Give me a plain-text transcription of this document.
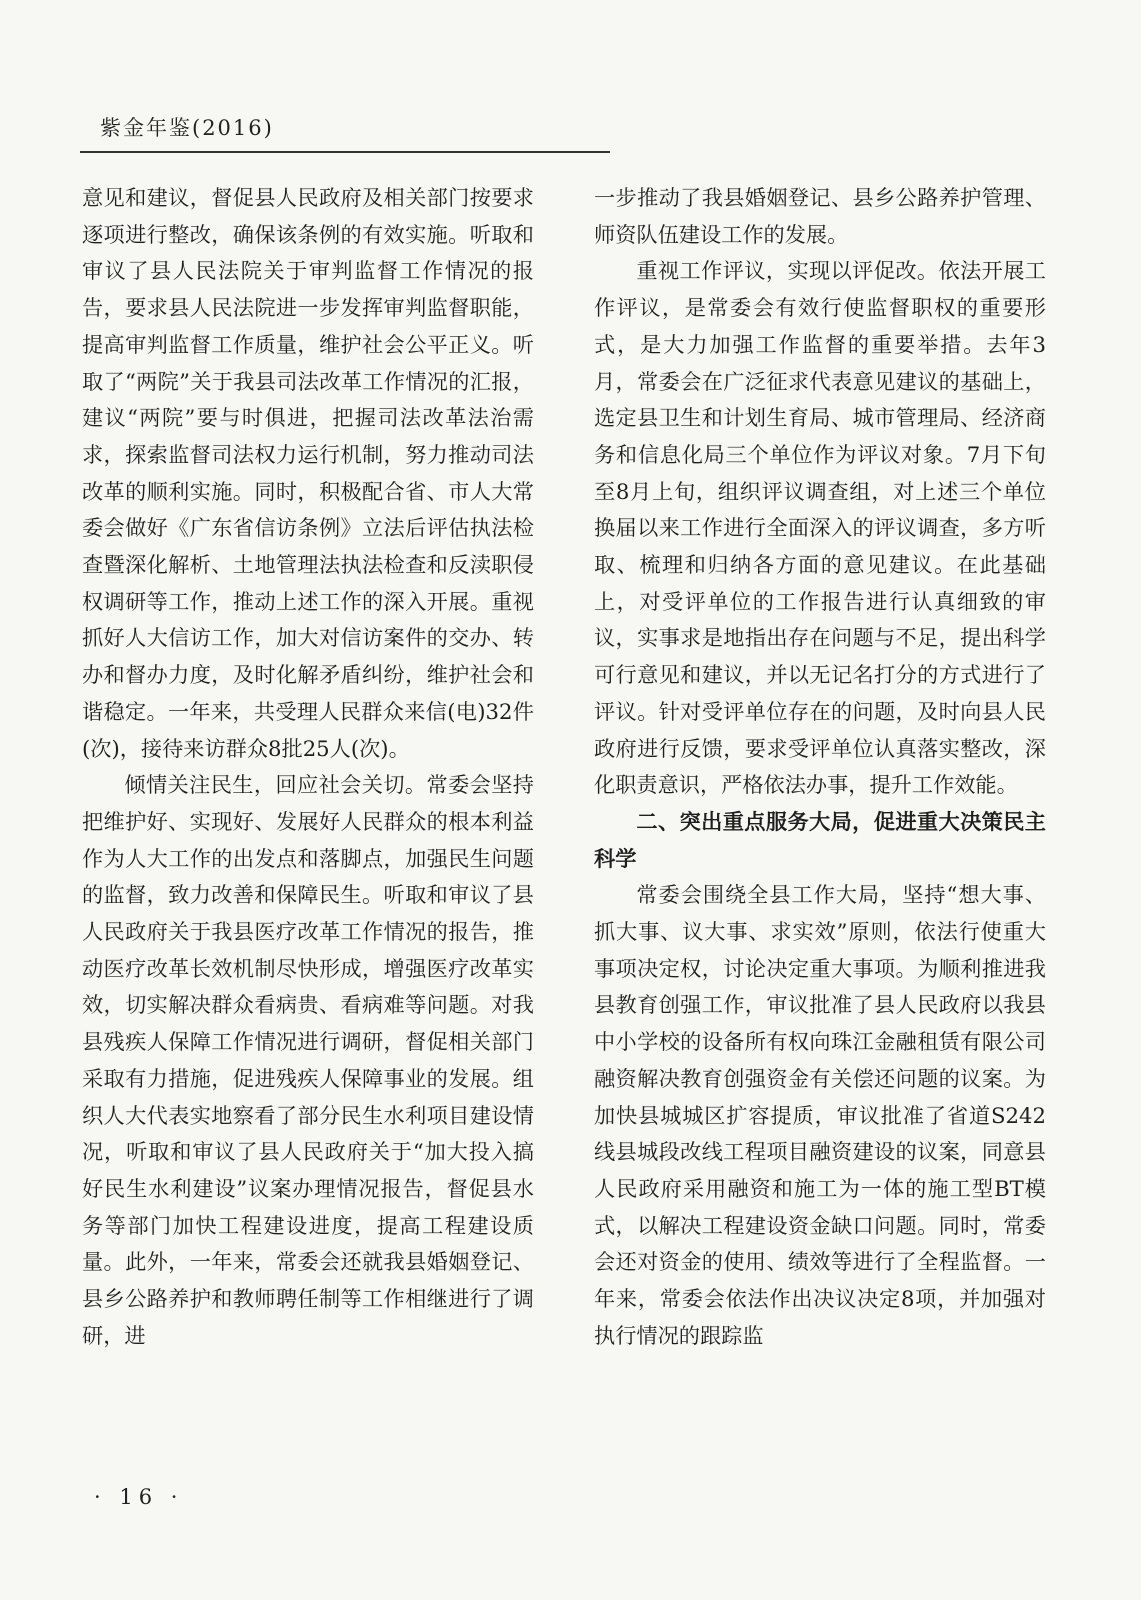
紫金年鉴(2016)

意见和建议，督促县人民政府及相关部门按要求逐项进行整改，确保该条例的有效实施。听取和审议了县人民法院关于审判监督工作情况的报告，要求县人民法院进一步发挥审判监督职能，提高审判监督工作质量，维护社会公平正义。听取了“两院”关于我县司法改革工作情况的汇报，建议“两院”要与时俱进，把握司法改革法治需求，探索监督司法权力运行机制，努力推动司法改革的顺利实施。同时，积极配合省、市人大常委会做好《广东省信访条例》立法后评估执法检查暨深化解析、土地管理法执法检查和反渎职侵权调研等工作，推动上述工作的深入开展。重视抓好人大信访工作，加大对信访案件的交办、转办和督办力度，及时化解矛盾纠纷，维护社会和谐稳定。一年来，共受理人民群众来信(电)32件(次)，接待来访群众8批25人(次)。

倾情关注民生，回应社会关切。常委会坚持把维护好、实现好、发展好人民群众的根本利益作为人大工作的出发点和落脚点，加强民生问题的监督，致力改善和保障民生。听取和审议了县人民政府关于我县医疗改革工作情况的报告，推动医疗改革长效机制尽快形成，增强医疗改革实效，切实解决群众看病贵、看病难等问题。对我县残疾人保障工作情况进行调研，督促相关部门采取有力措施，促进残疾人保障事业的发展。组织人大代表实地察看了部分民生水利项目建设情况，听取和审议了县人民政府关于“加大投入搞好民生水利建设”议案办理情况报告，督促县水务等部门加快工程建设进度，提高工程建设质量。此外，一年来，常委会还就我县婚姻登记、县乡公路养护和教师聘任制等工作相继进行了调研，进

一步推动了我县婚姻登记、县乡公路养护管理、师资队伍建设工作的发展。

重视工作评议，实现以评促改。依法开展工作评议，是常委会有效行使监督职权的重要形式，是大力加强工作监督的重要举措。去年3月，常委会在广泛征求代表意见建议的基础上，选定县卫生和计划生育局、城市管理局、经济商务和信息化局三个单位作为评议对象。7月下旬至8月上旬，组织评议调查组，对上述三个单位换届以来工作进行全面深入的评议调查，多方听取、梳理和归纳各方面的意见建议。在此基础上，对受评单位的工作报告进行认真细致的审议，实事求是地指出存在问题与不足，提出科学可行意见和建议，并以无记名打分的方式进行了评议。针对受评单位存在的问题，及时向县人民政府进行反馈，要求受评单位认真落实整改，深化职责意识，严格依法办事，提升工作效能。

二、突出重点服务大局，促进重大决策民主科学

常委会围绕全县工作大局，坚持“想大事、抓大事、议大事、求实效”原则，依法行使重大事项决定权，讨论决定重大事项。为顺利推进我县教育创强工作，审议批准了县人民政府以我县中小学校的设备所有权向珠江金融租赁有限公司融资解决教育创强资金有关偿还问题的议案。为加快县城城区扩容提质，审议批准了省道S242线县城段改线工程项目融资建设的议案，同意县人民政府采用融资和施工为一体的施工型BT模式，以解决工程建设资金缺口问题。同时，常委会还对资金的使用、绩效等进行了全程监督。一年来，常委会依法作出决议决定8项，并加强对执行情况的跟踪监

· 16 ·
